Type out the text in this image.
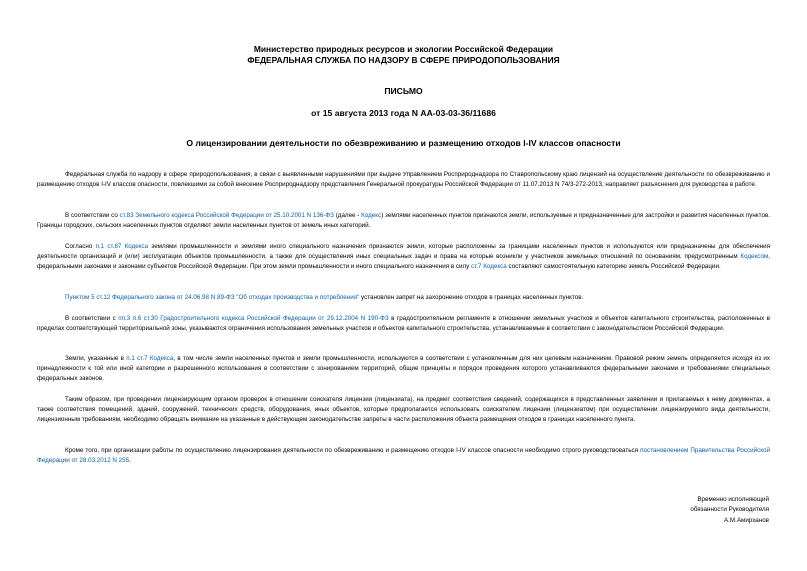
Министерство природных ресурсов и экологии Российской Федерации
ФЕДЕРАЛЬНАЯ СЛУЖБА ПО НАДЗОРУ В СФЕРЕ ПРИРОДОПОЛЬЗОВАНИЯ
ПИСЬМО
от 15 августа 2013 года N АА-03-03-36/11686
О лицензировании деятельности по обезвреживанию и размещению отходов I-IV классов опасности
Федеральная служба по надзору в сфере природопользования, в связи с выявленными нарушениями при выдаче Управлением Росприроднадзора по Ставропольскому краю лицензий на осуществление деятельности по обезвреживанию и размещению отходов I-IV классов опасности, повлекшими за собой внесение Росприроднадзору представления Генеральной прокуратуры Российской Федерации от 11.07.2013 N 74/3-272-2013, направляет разъяснения для руководства в работе.
В соответствии со ст.83 Земельного кодекса Российской Федерации от 25.10.2001 N 136-ФЗ (далее - Кодекс) землями населенных пунктов признаются земли, используемые и предназначенные для застройки и развития населенных пунктов. Границы городских, сельских населенных пунктов отделяют земли населенных пунктов от земель иных категорий.
Согласно п.1 ст.87 Кодекса землями промышленности и землями иного специального назначения признаются земли, которые расположены за границами населенных пунктов и используются или предназначены для обеспечения деятельности организаций и (или) эксплуатации объектов промышленности, а также для осуществления иных специальных задач и права на которые возникли у участников земельных отношений по основаниям, предусмотренным Кодексом, федеральными законами и законами субъектов Российской Федерации. При этом земли промышленности и иного специального назначения в силу ст.7 Кодекса составляют самостоятельную категорию земель Российской Федерации.
Пунктом 5 ст.12 Федерального закона от 24.06.98 N 89-ФЗ "Об отходах производства и потребления" установлен запрет на захоронение отходов в границах населенных пунктов.
В соответствии с пп.3 п.6 ст.30 Градостроительного кодекса Российской Федерации от 29.12.2004 N 190-ФЗ в градостроительном регламенте в отношении земельных участков и объектов капитального строительства, расположенных в пределах соответствующей территориальной зоны, указываются ограничения использования земельных участков и объектов капитального строительства, устанавливаемые в соответствии с законодательством Российской Федерации.
Земли, указанные в п.1 ст.7 Кодекса, в том числе земли населенных пунктов и земли промышленности, используются в соответствии с установленным для них целевым назначением. Правовой режим земель определяется исходя из их принадлежности к той или иной категории и разрешенного использования в соответствии с зонированием территорий, общие принципы и порядок проведения которого устанавливаются федеральными законами и требованиями специальных федеральных законов.
Таким образом, при проведении лицензирующим органом проверок в отношении соискателя лицензии (лицензиата), на предмет соответствия сведений, содержащихся в представленных заявлении и прилагаемых к нему документах, а также соответствия помещений, зданий, сооружений, технических средств, оборудования, иных объектов, которые предполагается использовать соискателем лицензии (лицензиатом) при осуществлении лицензируемого вида деятельности, лицензионным требованиям, необходимо обращать внимание на указанные в действующем законодательстве запреты в части расположения объекта размещения отходов в границах населенного пункта.
Кроме того, при организации работы по осуществлению лицензирования деятельности по обезвреживанию и размещению отходов I-IV классов опасности необходимо строго руководствоваться постановлением Правительства Российской Федерации от 28.03.2012 N 255.
Временно исполняющий
обязанности Руководителя
А.М.Амирханов
